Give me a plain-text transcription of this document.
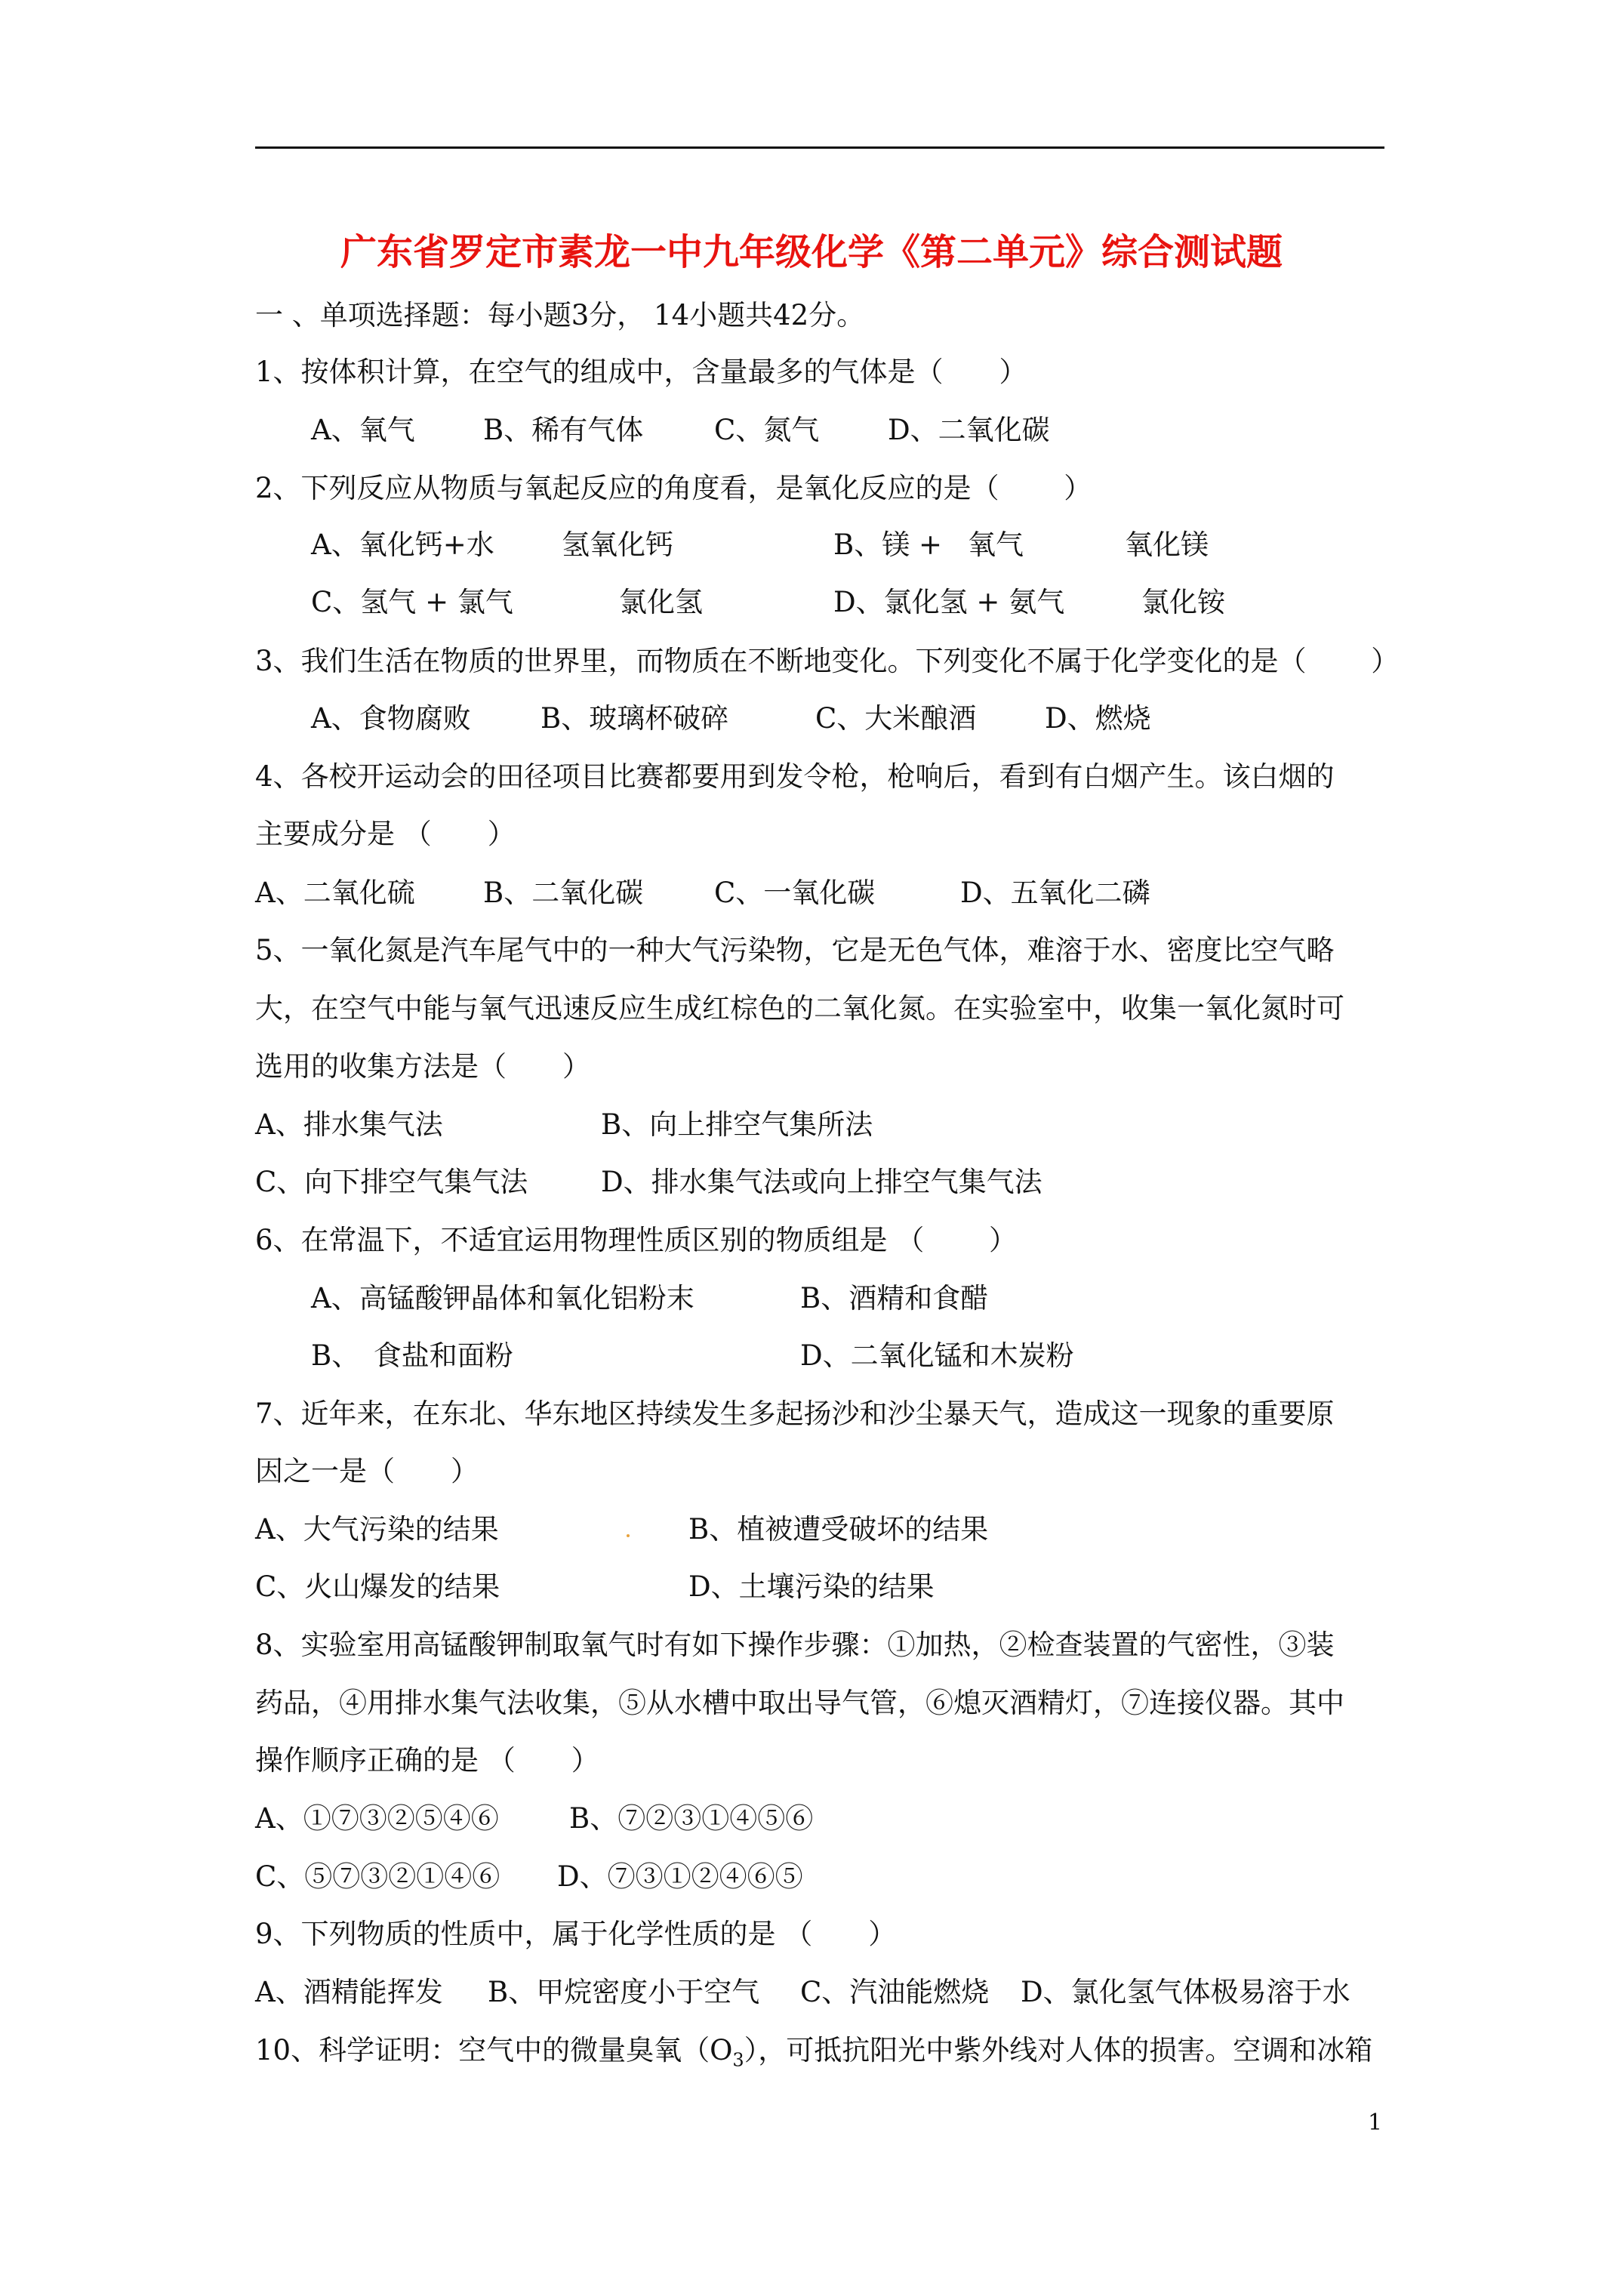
广东省罗定市素龙一中九年级化学《第二单元》综合测试题
一 、单项选择题：每小题3分， 14小题共42分。
1、按体积计算，在空气的组成中，含量最多的气体是（　　）
A、氧气 B、稀有气体	C、氮气 D、二氧化碳
2、下列反应从物质与氧起反应的角度看，是氧化反应的是（　　 ）
A、氧化钙+水 氢氧化钙	B、镁 + 氧气	氧化镁
C、氢气 + 氯气	氯化氢	D、氯化氢 + 氨气	氯化铵
3、我们生活在物质的世界里，而物质在不断地变化。下列变化不属于化学变化的是（　　 ）
A、食物腐败 B、玻璃杯破碎	C、大米酿酒 D、燃烧
4、各校开运动会的田径项目比赛都要用到发令枪，枪响后，看到有白烟产生。该白烟的
主要成分是 （　　）
A、二氧化硫 B、二氧化碳	C、一氧化碳	D、五氧化二磷
5、一氧化氮是汽车尾气中的一种大气污染物，它是无色气体，难溶于水、密度比空气略
大，在空气中能与氧气迅速反应生成红棕色的二氧化氮。在实验室中，收集一氧化氮时可
选用的收集方法是（　　）
A、排水集气法	B、向上排空气集所法
C、向下排空气集气法	D、排水集气法或向上排空气集气法
6、在常温下，不适宜运用物理性质区别的物质组是 （　　 ）
A、高锰酸钾晶体和氧化铝粉末	B、酒精和食醋
B、　食盐和面粉	D、二氧化锰和木炭粉
7、近年来，在东北、华东地区持续发生多起扬沙和沙尘暴天气，造成这一现象的重要原
因之一是（　　）
A、大气污染的结果	B、植被遭受破坏的结果
C、火山爆发的结果	D、土壤污染的结果
8、实验室用高锰酸钾制取氧气时有如下操作步骤：①加热，②检查装置的气密性，③装
药品，④用排水集气法收集，⑤从水槽中取出导气管，⑥熄灭酒精灯，⑦连接仪器。其中
操作顺序正确的是 （　　）
A、①⑦③②⑤④⑥	B、⑦②③①④⑤⑥
C、⑤⑦③②①④⑥ D、⑦③①②④⑥⑤
9、下列物质的性质中，属于化学性质的是 （　　）
A、酒精能挥发 B、甲烷密度小于空气 C、汽油能燃烧 D、氯化氢气体极易溶于水
10、科学证明：空气中的微量臭氧$(O_3)$，可抵抗阳光中紫外线对人体的损害。空调和冰箱
1
